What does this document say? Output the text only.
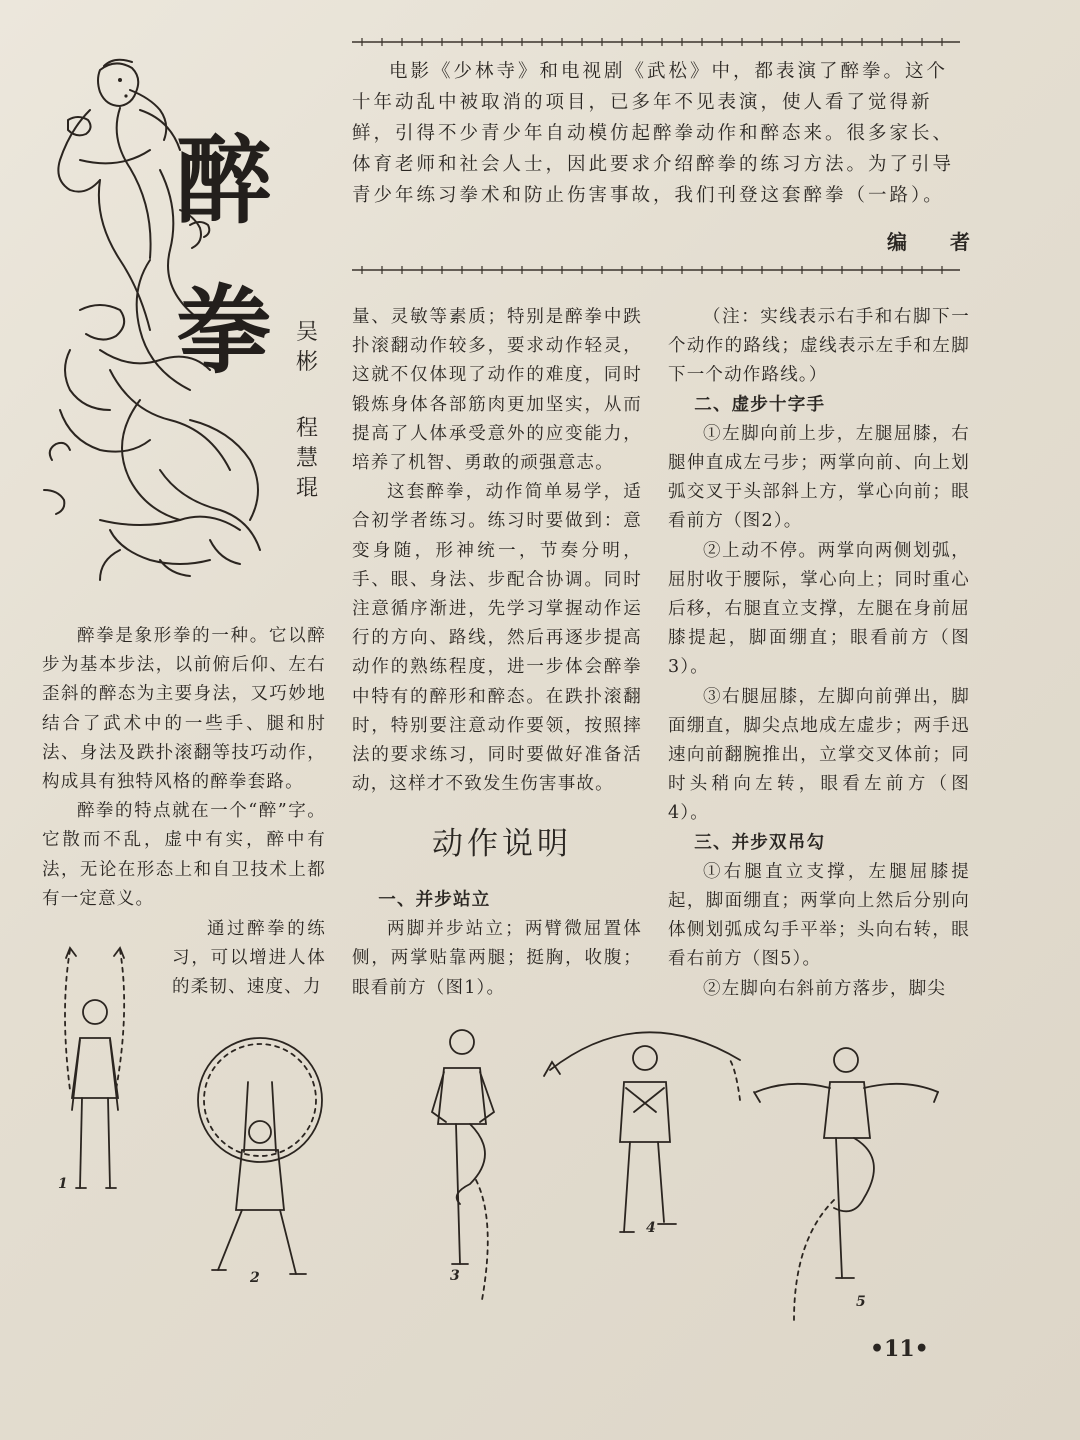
电影《少林寺》和电视剧《武松》中，都表演了醉拳。这个十年动乱中被取消的项目，已多年不见表演，使人看了觉得新鲜，引得不少青少年自动模仿起醉拳动作和醉态来。很多家长、体育老师和社会人士，因此要求介绍醉拳的练习方法。为了引导青少年练习拳术和防止伤害事故，我们刊登这套醉拳（一路）。

编 者
醉
拳 吴彬
程慧琨

醉拳是象形拳的一种。它以醉步为基本步法，以前俯后仰、左右歪斜的醉态为主要身法，又巧妙地结合了武术中的一些手、腿和肘法、身法及跌扑滚翻等技巧动作，构成具有独特风格的醉拳套路。

醉拳的特点就在一个“醉”字。它散而不乱，虚中有实，醉中有法，无论在形态上和自卫技术上都有一定意义。

通过醉拳的练习，可以增进人体的柔韧、速度、力

量、灵敏等素质；特别是醉拳中跌扑滚翻动作较多，要求动作轻灵，这就不仅体现了动作的难度，同时锻炼身体各部筋肉更加坚实，从而提高了人体承受意外的应变能力，培养了机智、勇敢的顽强意志。

这套醉拳，动作简单易学，适合初学者练习。练习时要做到：意变身随，形神统一，节奏分明，手、眼、身法、步配合协调。同时注意循序渐进，先学习掌握动作运行的方向、路线，然后再逐步提高动作的熟练程度，进一步体会醉拳中特有的醉形和醉态。在跌扑滚翻时，特别要注意动作要领，按照摔法的要求练习，同时要做好准备活动，这样才不致发生伤害事故。

动作说明

一、并步站立

两脚并步站立；两臂微屈置体侧，两掌贴靠两腿；挺胸，收腹；眼看前方（图1）。

（注：实线表示右手和右脚下一个动作的路线；虚线表示左手和左脚下一个动作路线。）

二、虚步十字手

①左脚向前上步，左腿屈膝，右腿伸直成左弓步；两掌向前、向上划弧交叉于头部斜上方，掌心向前；眼看前方（图2）。

②上动不停。两掌向两侧划弧，屈肘收于腰际，掌心向上；同时重心后移，右腿直立支撑，左腿在身前屈膝提起，脚面绷直；眼看前方（图3）。

③右腿屈膝，左脚向前弹出，脚面绷直，脚尖点地成左虚步；两手迅速向前翻腕推出，立掌交叉体前；同时头稍向左转，眼看左前方（图4）。

三、并步双吊勾

①右腿直立支撑，左腿屈膝提起，脚面绷直；两掌向上然后分别向体侧划弧成勾手平举；头向右转，眼看右前方（图5）。

②左脚向右斜前方落步，脚尖

1
2	3
4
5
•11•
